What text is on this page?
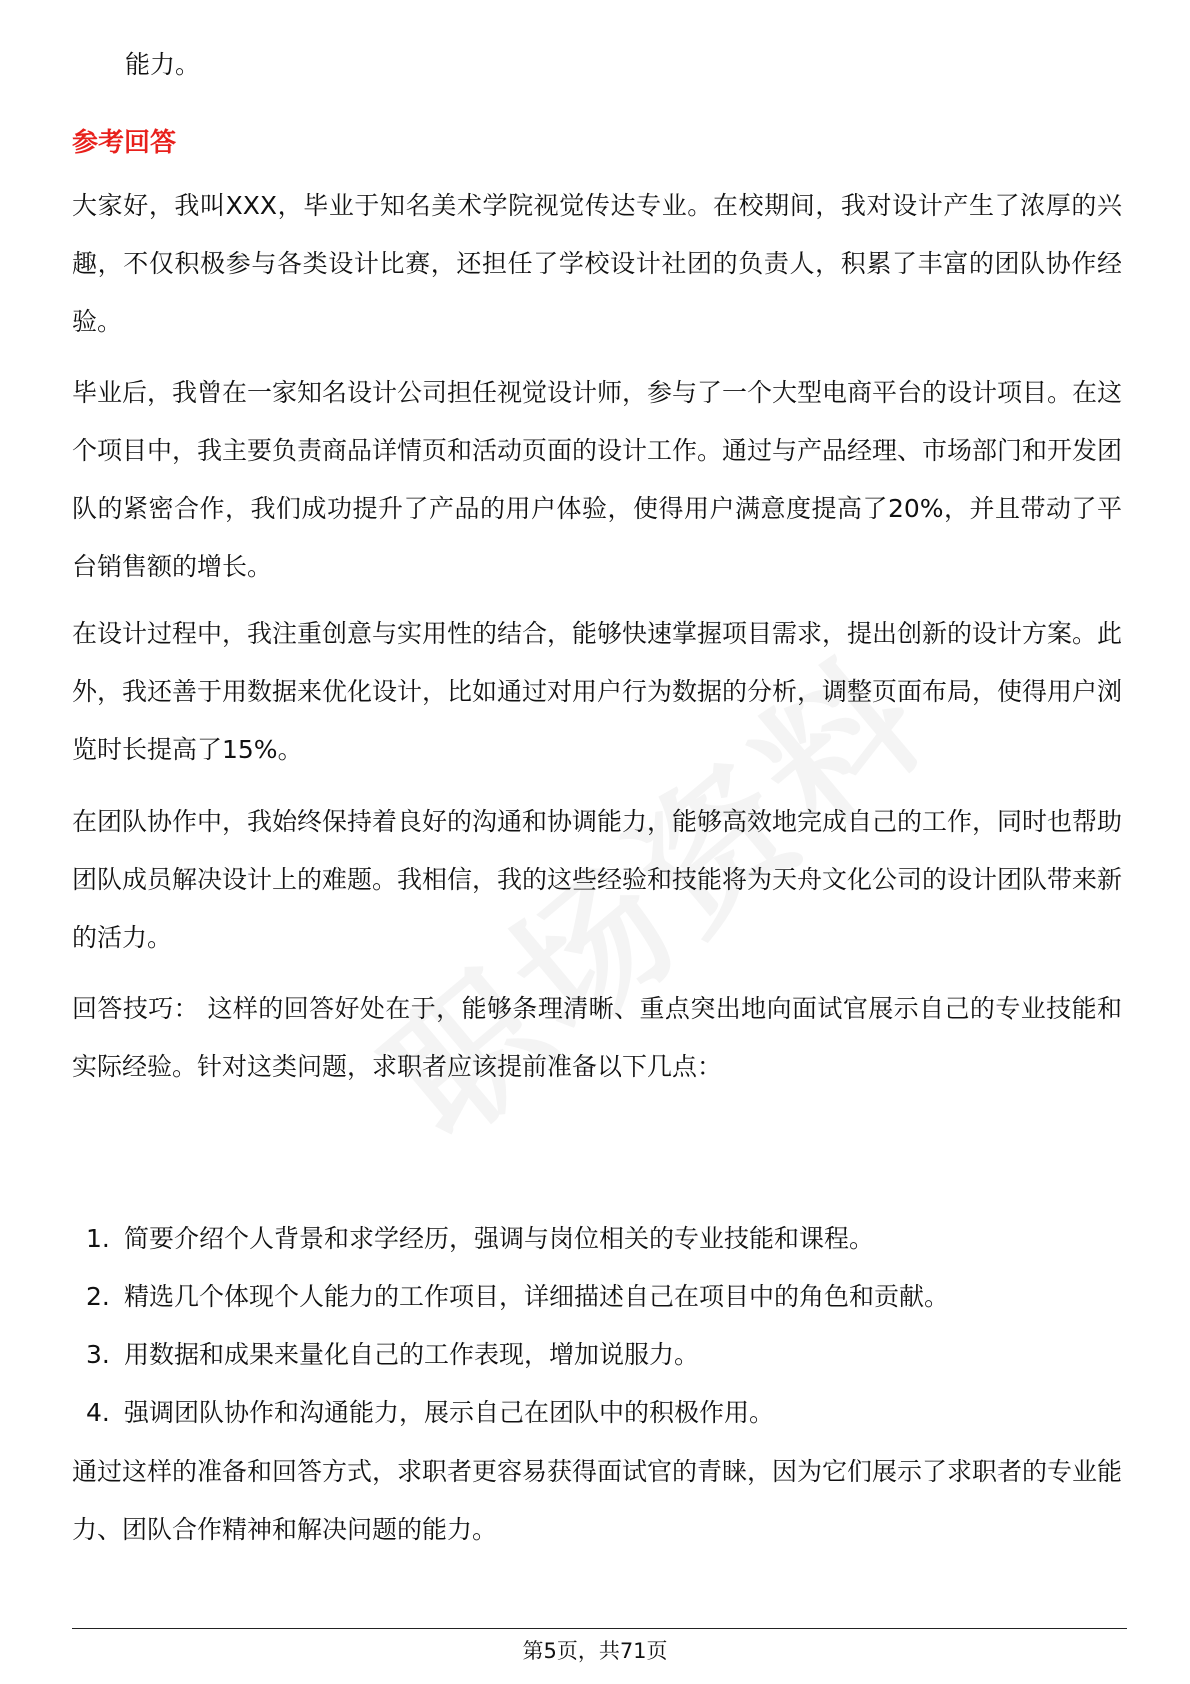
能力。
参考回答

大家好，我叫XXX，毕业于知名美术学院视觉传达专业。在校期间，我对设计产生了浓厚的兴趣，不仅积极参与各类设计比赛，还担任了学校设计社团的负责人，积累了丰富的团队协作经验。

毕业后，我曾在一家知名设计公司担任视觉设计师，参与了一个大型电商平台的设计项目。在这个项目中，我主要负责商品详情页和活动页面的设计工作。通过与产品经理、市场部门和开发团队的紧密合作，我们成功提升了产品的用户体验，使得用户满意度提高了20%，并且带动了平台销售额的增长。

在设计过程中，我注重创意与实用性的结合，能够快速掌握项目需求，提出创新的设计方案。此外，我还善于用数据来优化设计，比如通过对用户行为数据的分析，调整页面布局，使得用户浏览时长提高了15%。

在团队协作中，我始终保持着良好的沟通和协调能力，能够高效地完成自己的工作，同时也帮助团队成员解决设计上的难题。我相信，我的这些经验和技能将为天舟文化公司的设计团队带来新的活力。

回答技巧： 这样的回答好处在于，能够条理清晰、重点突出地向面试官展示自己的专业技能和实际经验。针对这类问题，求职者应该提前准备以下几点：

1. 简要介绍个人背景和求学经历，强调与岗位相关的专业技能和课程。
2. 精选几个体现个人能力的工作项目，详细描述自己在项目中的角色和贡献。
3. 用数据和成果来量化自己的工作表现，增加说服力。
4. 强调团队协作和沟通能力，展示自己在团队中的积极作用。

通过这样的准备和回答方式，求职者更容易获得面试官的青睐，因为它们展示了求职者的专业能力、团队合作精神和解决问题的能力。

第5页，共71页
